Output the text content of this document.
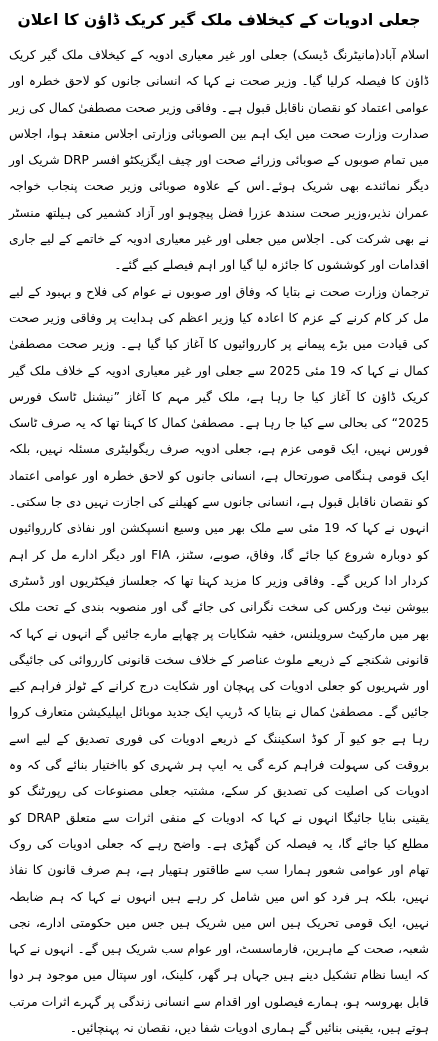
جعلی ادویات کے کیخلاف ملک گیر کریک ڈاؤن کا اعلان

اسلام آباد(مانیٹرنگ ڈیسک) جعلی اور غیر معیاری ادویہ کے کیخلاف ملک گیر کریک ڈاؤن کا فیصلہ کرلیا گیا۔ وزیر صحت نے کہا کہ انسانی جانوں کو لاحق خطرہ اور عوامی اعتماد کو نقصان ناقابل قبول ہے۔ وفاقی وزیر صحت مصطفیٰ کمال کی زیر صدارت وزارت صحت میں ایک اہم بین الصوبائی وزارتی اجلاس منعقد ہوا، اجلاس میں تمام صوبوں کے صوبائی وزرائے صحت اور چیف ایگزیکٹو افسر DRP شریک اور دیگر نمائندے بھی شریک ہوئے۔اس کے علاوہ صوبائی وزیر صحت پنجاب خواجہ عمران نذیر،وزیر صحت سندھ عزرا فضل پیچوہو اور آزاد کشمیر کی ہیلتھ منسٹر نے بھی شرکت کی۔ اجلاس میں جعلی اور غیر معیاری ادویہ کے خاتمے کے لیے جاری اقدامات اور کوششوں کا جائزہ لیا گیا اور اہم فیصلے کیے گئے۔

ترجمان وزارت صحت نے بتایا کہ وفاق اور صوبوں نے عوام کی فلاح و بہبود کے لیے مل کر کام کرنے کے عزم کا اعادہ کیا وزیر اعظم کی ہدایت پر وفاقی وزیر صحت کی قیادت میں بڑے پیمانے پر کارروائیوں کا آغاز کیا گیا ہے۔ وزیر صحت مصطفیٰ کمال نے کہا کہ 19 مئی 2025 سے جعلی اور غیر معیاری ادویہ کے خلاف ملک گیر کریک ڈاؤن کا آغاز کیا جا رہا ہے، ملک گیر مہم کا آغاز ”نیشنل ٹاسک فورس 2025“ کی بحالی سے کیا جا رہا ہے۔ مصطفیٰ کمال کا کہنا تھا کہ یہ صرف ٹاسک فورس نہیں، ایک قومی عزم ہے، جعلی ادویہ صرف ریگولیٹری مسئلہ نہیں، بلکہ ایک قومی ہنگامی صورتحال ہے، انسانی جانوں کو لاحق خطرہ اور عوامی اعتماد کو نقصان ناقابل قبول ہے، انسانی جانوں سے کھیلنے کی اجازت نہیں دی جا سکتی۔ انہوں نے کہا کہ 19 مئی سے ملک بھر میں وسیع انسپکشن اور نفاذی کارروائیوں کو دوبارہ شروع کیا جائے گا، وفاق، صوبے، سٹنز، FIA اور دیگر ادارے مل کر اہم کردار ادا کریں گے۔ وفاقی وزیر کا مزید کہنا تھا کہ جعلساز فیکٹریوں اور ڈسٹری بیوشن نیٹ ورکس کی سخت نگرانی کی جائے گی اور منصوبہ بندی کے تحت ملک بھر میں مارکیٹ سرویلنس، خفیہ شکایات پر چھاپے مارے جائیں گے انہوں نے کہا کہ قانونی شکنجے کے ذریعے ملوث عناصر کے خلاف سخت قانونی کارروائی کی جائیگی اور شہریوں کو جعلی ادویات کی پہچان اور شکایت درج کرانے کے ٹولز فراہم کیے جائیں گے۔ مصطفیٰ کمال نے بتایا کہ ڈریپ ایک جدید موبائل ایپلیکیشن متعارف کروا رہا ہے جو کیو آر کوڈ اسکیننگ کے ذریعے ادویات کی فوری تصدیق کے لیے اسے بروقت کی سہولت فراہم کرے گی یہ ایپ ہر شہری کو بااختیار بنائے گی کہ وہ ادویات کی اصلیت کی تصدیق کر سکے، مشتبہ جعلی مصنوعات کی رپورٹنگ کو یقینی بنایا جائیگا انہوں نے کہا کہ ادویات کے منفی اثرات سے متعلق DRAP کو مطلع کیا جائے گا، یہ فیصلہ کن گھڑی ہے۔ واضح رہے کہ جعلی ادویات کی روک تھام اور عوامی شعور ہمارا سب سے طاقتور ہتھیار ہے، ہم صرف قانون کا نفاذ نہیں، بلکہ ہر فرد کو اس میں شامل کر رہے ہیں انہوں نے کہا کہ ہم ضابطہ نہیں، ایک قومی تحریک ہیں اس میں شریک ہیں جس میں حکومتی ادارے، نجی شعبہ، صحت کے ماہرین، فارماسسٹ، اور عوام سب شریک ہیں گے۔ انہوں نے کہا کہ ایسا نظام تشکیل دینے ہیں جہاں ہر گھر، کلینک، اور سپتال میں موجود ہر دوا قابل بھروسہ ہو، ہمارے فیصلوں اور اقدام سے انسانی زندگی پر گہرے اثرات مرتب ہوتے ہیں، یقینی بنائیں گے ہماری ادویات شفا دیں، نقصان نہ پہنچائیں۔
